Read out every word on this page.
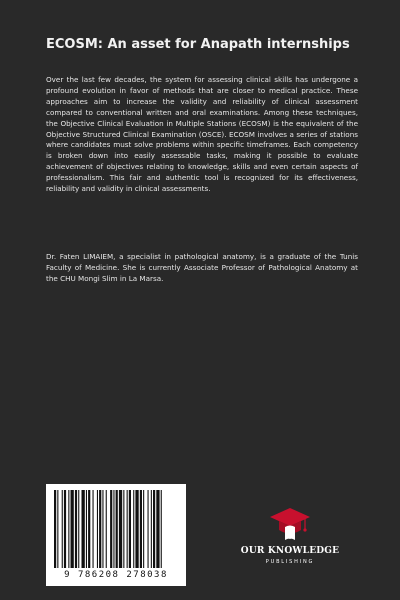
ECOSM: An asset for Anapath internships

Over the last few decades, the system for assessing clinical skills has undergone a profound evolution in favor of methods that are closer to medical practice. These approaches aim to increase the validity and reliability of clinical assessment compared to conventional written and oral examinations. Among these techniques, the Objective Clinical Evaluation in Multiple Stations (ECOSM) is the equivalent of the Objective Structured Clinical Examination (OSCE). ECOSM involves a series of stations where candidates must solve problems within specific timeframes. Each competency is broken down into easily assessable tasks, making it possible to evaluate achievement of objectives relating to knowledge, skills and even certain aspects of professionalism. This fair and authentic tool is recognized for its effectiveness, reliability and validity in clinical assessments.

Dr. Faten LIMAIEM, a specialist in pathological anatomy, is a graduate of the Tunis Faculty of Medicine. She is currently Associate Professor of Pathological Anatomy at the CHU Mongi Slim in La Marsa.

9 786208 278038
OUR KNOWLEDGE
PUBLISHING
